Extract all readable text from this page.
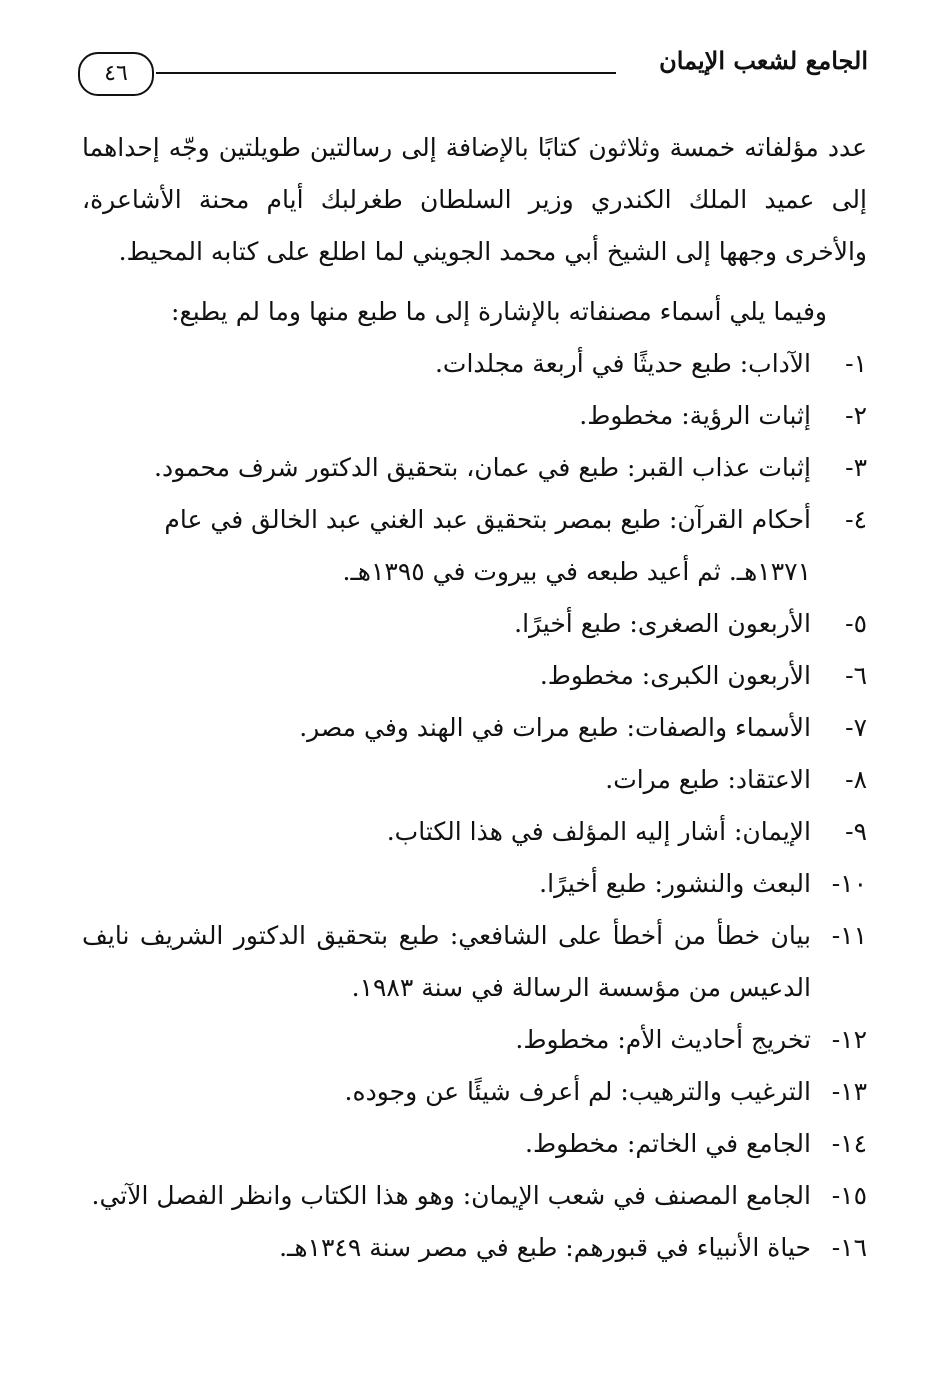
٤٦	الجامع لشعب الإيمان

عدد مؤلفاته خمسة وثلاثون كتابًا بالإضافة إلى رسالتين طويلتين وجّه إحداهما إلى عميد الملك الكندري وزير السلطان طغرلبك أيام محنة الأشاعرة، والأخرى وجهها إلى الشيخ أبي محمد الجويني لما اطلع على كتابه المحيط.

وفيما يلي أسماء مصنفاته بالإشارة إلى ما طبع منها وما لم يطبع:

١-
الآداب: طبع حديثًا في أربعة مجلدات.
٢-
إثبات الرؤية: مخطوط.
٣-
إثبات عذاب القبر: طبع في عمان، بتحقيق الدكتور شرف محمود.
٤-
أحكام القرآن: طبع بمصر بتحقيق عبد الغني عبد الخالق في عام ١٣٧١هـ. ثم أعيد طبعه في بيروت في ١٣٩٥هـ.
٥-
الأربعون الصغرى: طبع أخيرًا.
٦-
الأربعون الكبرى: مخطوط.
٧-
الأسماء والصفات: طبع مرات في الهند وفي مصر.
٨-
الاعتقاد: طبع مرات.
٩-
الإيمان: أشار إليه المؤلف في هذا الكتاب.
١٠-
البعث والنشور: طبع أخيرًا.
١١-
بيان خطأ من أخطأ على الشافعي: طبع بتحقيق الدكتور الشريف نايف الدعيس من مؤسسة الرسالة في سنة ١٩٨٣.
١٢-
تخريج أحاديث الأم: مخطوط.
١٣-
الترغيب والترهيب: لم أعرف شيئًا عن وجوده.
١٤-
الجامع في الخاتم: مخطوط.
١٥-
الجامع المصنف في شعب الإيمان: وهو هذا الكتاب وانظر الفصل الآتي.
١٦-
حياة الأنبياء في قبورهم: طبع في مصر سنة ١٣٤٩هـ.
